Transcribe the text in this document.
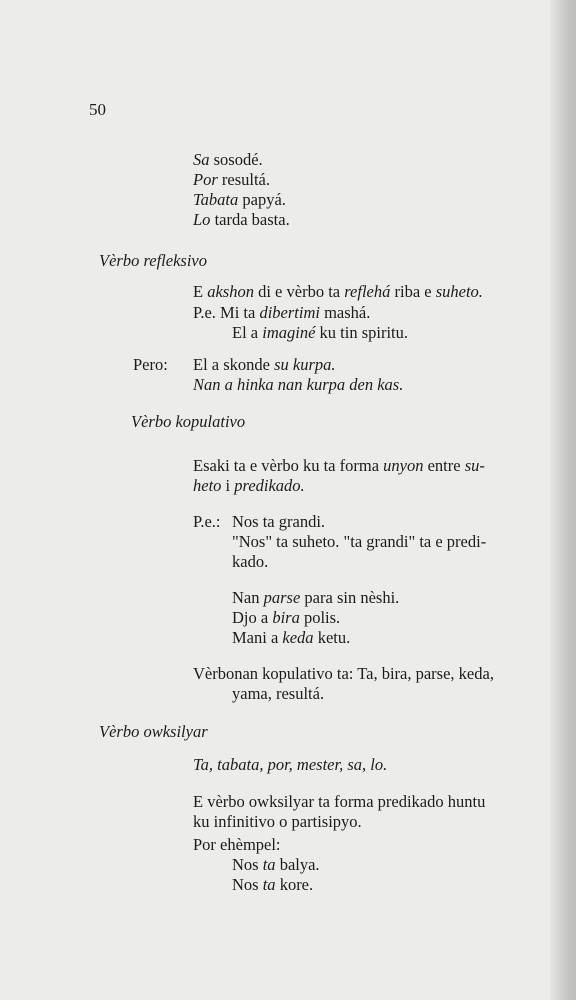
50
Sa sosodé.
Por resultá.
Tabata papyá.
Lo tarda basta.
Vèrbo refleksivo
E akshon di e vèrbo ta reflehá riba e suheto.
P.e. Mi ta dibertimi mashá.
El a imaginé ku tin spiritu.
Pero: El a skonde su kurpa.
Nan a hinka nan kurpa den kas.
Vèrbo kopulativo
Esaki ta e vèrbo ku ta forma unyon entre su-
heto i predikado.
P.e.: Nos ta grandi.
"Nos" ta suheto. "ta grandi" ta e predi-
kado.
Nan parse para sin nèshi.
Djo a bira polis.
Mani a keda ketu.
Vèrbonan kopulativo ta: Ta, bira, parse, keda,
yama, resultá.
Vèrbo owksilyar
Ta, tabata, por, mester, sa, lo.
E vèrbo owksilyar ta forma predikado huntu
ku infinitivo o partisipyo.
Por ehèmpel:
Nos ta balya.
Nos ta kore.
